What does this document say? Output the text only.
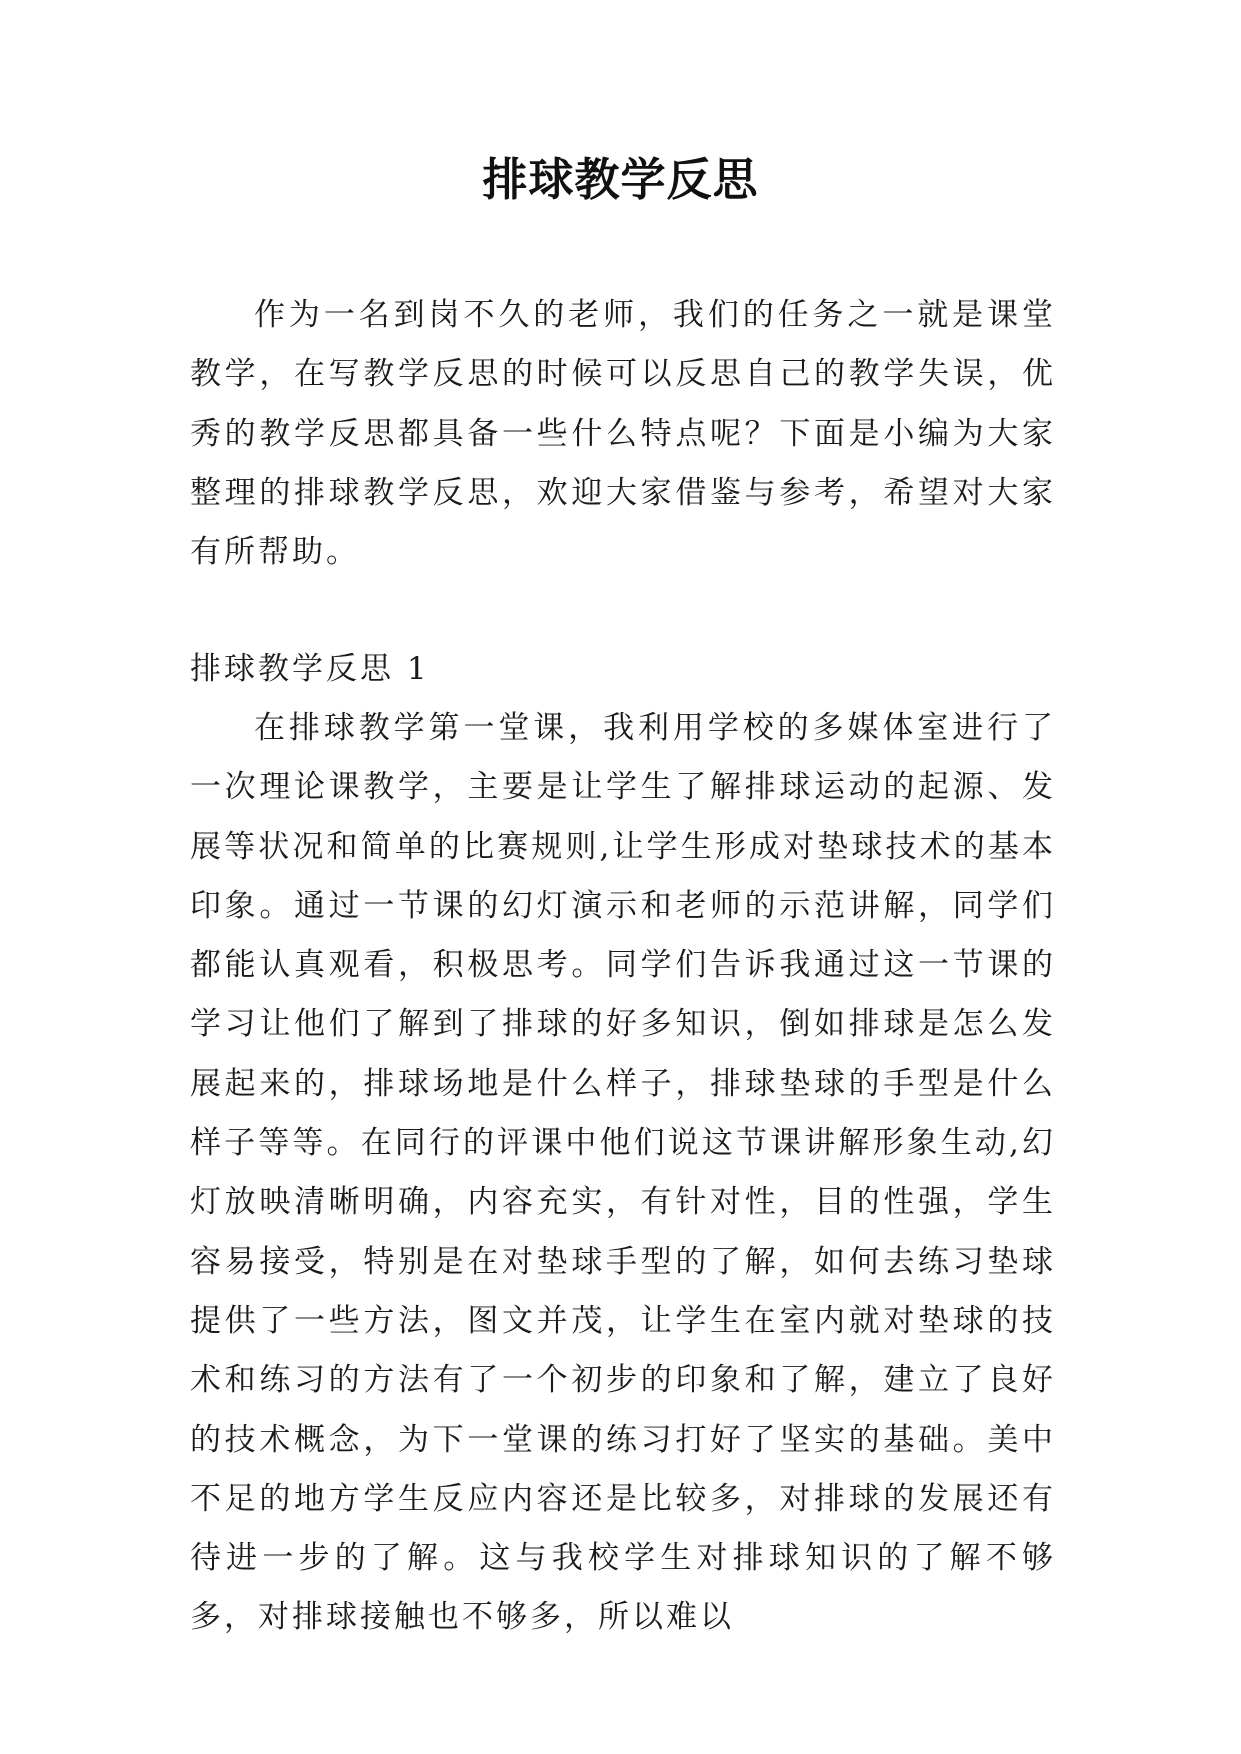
排球教学反思

作为一名到岗不久的老师，我们的任务之一就是课堂教学，在写教学反思的时候可以反思自己的教学失误，优秀的教学反思都具备一些什么特点呢？下面是小编为大家整理的排球教学反思，欢迎大家借鉴与参考，希望对大家有所帮助。

排球教学反思 1

在排球教学第一堂课，我利用学校的多媒体室进行了一次理论课教学，主要是让学生了解排球运动的起源、发展等状况和简单的比赛规则,让学生形成对垫球技术的基本印象。通过一节课的幻灯演示和老师的示范讲解，同学们都能认真观看，积极思考。同学们告诉我通过这一节课的学习让他们了解到了排球的好多知识，倒如排球是怎么发展起来的，排球场地是什么样子，排球垫球的手型是什么样子等等。在同行的评课中他们说这节课讲解形象生动,幻灯放映清晰明确，内容充实，有针对性，目的性强，学生容易接受，特别是在对垫球手型的了解，如何去练习垫球提供了一些方法，图文并茂，让学生在室内就对垫球的技术和练习的方法有了一个初步的印象和了解，建立了良好的技术概念，为下一堂课的练习打好了坚实的基础。美中不足的地方学生反应内容还是比较多，对排球的发展还有待进一步的了解。这与我校学生对排球知识的了解不够多，对排球接触也不够多，所以难以
